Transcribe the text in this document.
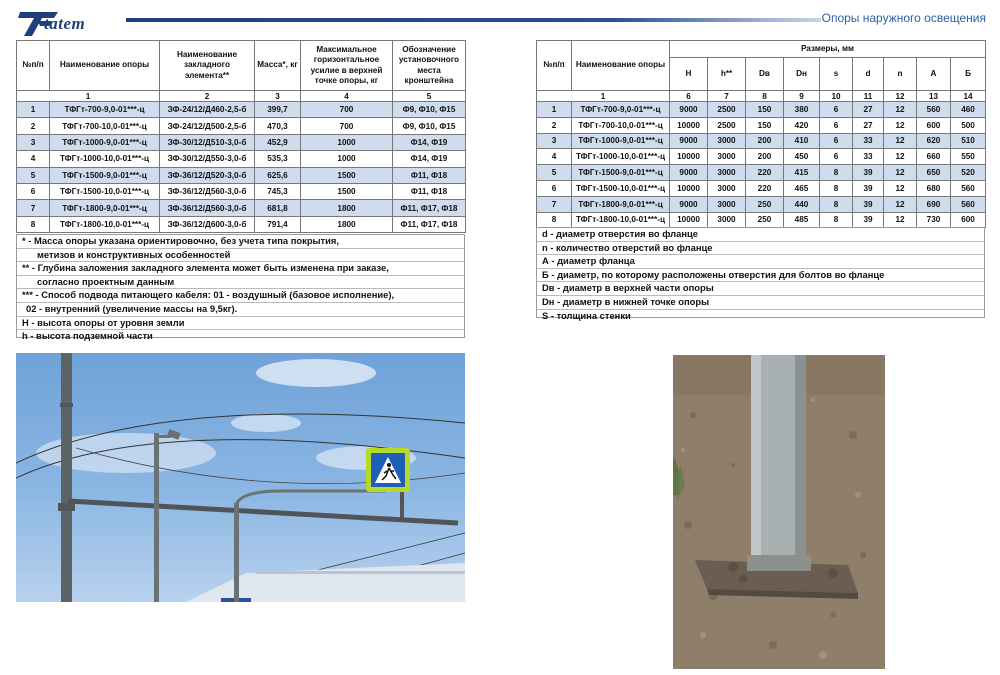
tatem	Опоры наружного освещения
№п/п	Наименование опоры	Наименование закладного элемента**	Масса*, кг	Максимальное горизонтальное усилие в верхней точке опоры, кг	Обозначение установочного места кронштейна
1		2	3	4	5
1	ТФГт-700-9,0-01***-ц	ЗФ-24/12/Д460-2,5-б	399,7	700	Ф9, Ф10, Ф15
2	ТФГт-700-10,0-01***-ц	ЗФ-24/12/Д500-2,5-б	470,3	700	Ф9, Ф10, Ф15
3	ТФГт-1000-9,0-01***-ц	ЗФ-30/12/Д510-3,0-б	452,9	1000	Ф14, Ф19
4	ТФГт-1000-10,0-01***-ц	ЗФ-30/12/Д550-3,0-б	535,3	1000	Ф14, Ф19
5	ТФГт-1500-9,0-01***-ц	ЗФ-36/12/Д520-3,0-б	625,6	1500	Ф11, Ф18
6	ТФГт-1500-10,0-01***-ц	ЗФ-36/12/Д560-3,0-б	745,3	1500	Ф11, Ф18
7	ТФГт-1800-9,0-01***-ц	ЗФ-36/12/Д560-3,0-б	681,8	1800	Ф11, Ф17, Ф18
8	ТФГт-1800-10,0-01***-ц	ЗФ-36/12/Д600-3,0-б	791,4	1800	Ф11, Ф17, Ф18
* - Масса опоры указана ориентировочно, без учета типа покрытия,
метизов и конструктивных особенностей
** - Глубина заложения закладного элемента может быть изменена при заказе,
согласно проектным данным
*** - Способ подвода питающего кабеля: 01 - воздушный (базовое исполнение),
02 - внутренний (увеличение массы на 9,5кг).
Н - высота опоры от уровня земли
h - высота подземной части
№п/п	Наименование опоры	Размеры, мм								
		H	h**	Dв	Dн	s	d	n	A	Б
1		6	7	8	9	10	11	12	13	14
1	ТФГт-700-9,0-01***-ц	9000	2500	150	380	6	27	12	560	460
2	ТФГт-700-10,0-01***-ц	10000	2500	150	420	6	27	12	600	500
3	ТФГт-1000-9,0-01***-ц	9000	3000	200	410	6	33	12	620	510
4	ТФГт-1000-10,0-01***-ц	10000	3000	200	450	6	33	12	660	550
5	ТФГт-1500-9,0-01***-ц	9000	3000	220	415	8	39	12	650	520
6	ТФГт-1500-10,0-01***-ц	10000	3000	220	465	8	39	12	680	560
7	ТФГт-1800-9,0-01***-ц	9000	3000	250	440	8	39	12	690	560
8	ТФГт-1800-10,0-01***-ц	10000	3000	250	485	8	39	12	730	600
d - диаметр отверстия во фланце
n - количество отверстий во фланце
А - диаметр фланца
Б - диаметр, по которому расположены отверстия для болтов во фланце
Dв - диаметр в верхней части опоры
Dн - диаметр в нижней точке опоры
S - толщина стенки
